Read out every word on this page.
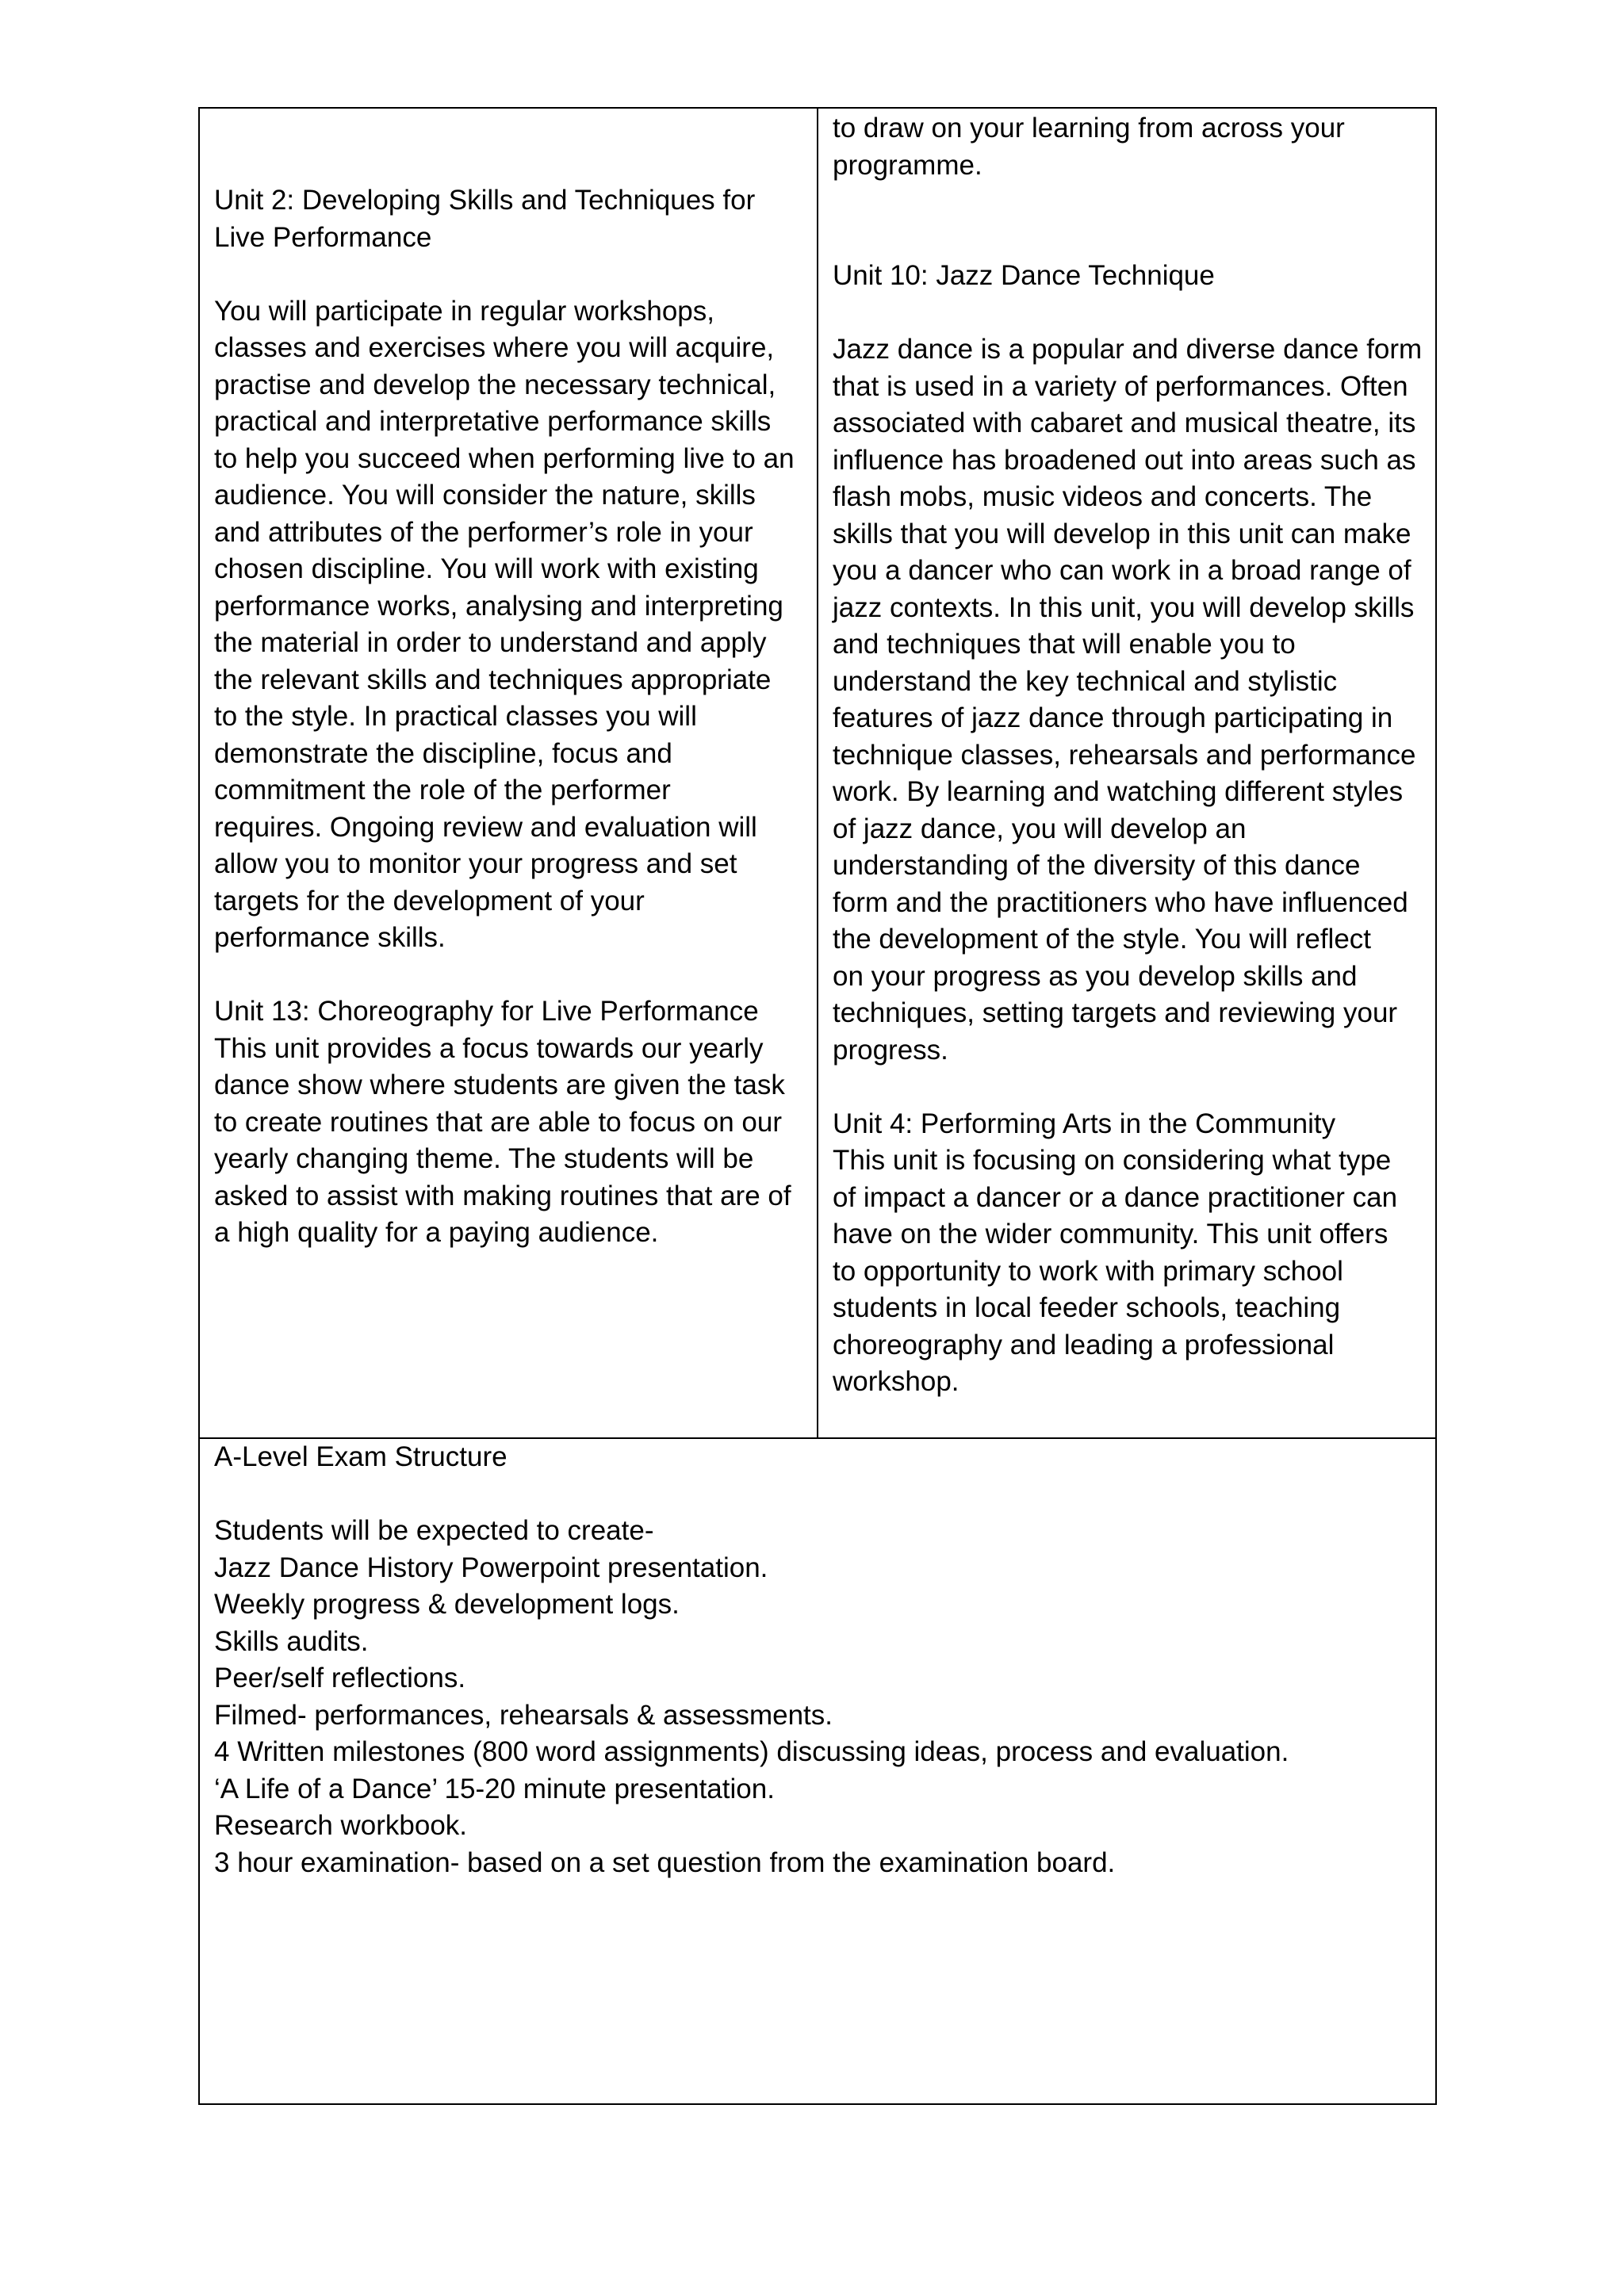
Unit 2: Developing Skills and Techniques for
Live Performance
You will participate in regular workshops,
classes and exercises where you will acquire,
practise and develop the necessary technical,
practical and interpretative performance skills
to help you succeed when performing live to an
audience. You will consider the nature, skills
and attributes of the performer’s role in your
chosen discipline. You will work with existing
performance works, analysing and interpreting
the material in order to understand and apply
the relevant skills and techniques appropriate
to the style. In practical classes you will
demonstrate the discipline, focus and
commitment the role of the performer
requires. Ongoing review and evaluation will
allow you to monitor your progress and set
targets for the development of your
performance skills.
Unit 13: Choreography for Live Performance
This unit provides a focus towards our yearly
dance show where students are given the task
to create routines that are able to focus on our
yearly changing theme. The students will be
asked to assist with making routines that are of
a high quality for a paying audience.
to draw on your learning from across your
programme.
Unit 10: Jazz Dance Technique
Jazz dance is a popular and diverse dance form
that is used in a variety of performances. Often
associated with cabaret and musical theatre, its
influence has broadened out into areas such as
flash mobs, music videos and concerts. The
skills that you will develop in this unit can make
you a dancer who can work in a broad range of
jazz contexts. In this unit, you will develop skills
and techniques that will enable you to
understand the key technical and stylistic
features of jazz dance through participating in
technique classes, rehearsals and performance
work. By learning and watching different styles
of jazz dance, you will develop an
understanding of the diversity of this dance
form and the practitioners who have influenced
the development of the style. You will reflect
on your progress as you develop skills and
techniques, setting targets and reviewing your
progress.
Unit 4: Performing Arts in the Community
This unit is focusing on considering what type
of impact a dancer or a dance practitioner can
have on the wider community. This unit offers
to opportunity to work with primary school
students in local feeder schools, teaching
choreography and leading a professional
workshop.
A-Level Exam Structure
Students will be expected to create-
Jazz Dance History Powerpoint presentation.
Weekly progress & development logs.
Skills audits.
Peer/self reflections.
Filmed- performances, rehearsals & assessments.
4 Written milestones (800 word assignments) discussing ideas, process and evaluation.
‘A Life of a Dance’ 15-20 minute presentation.
Research workbook.
3 hour examination- based on a set question from the examination board.
